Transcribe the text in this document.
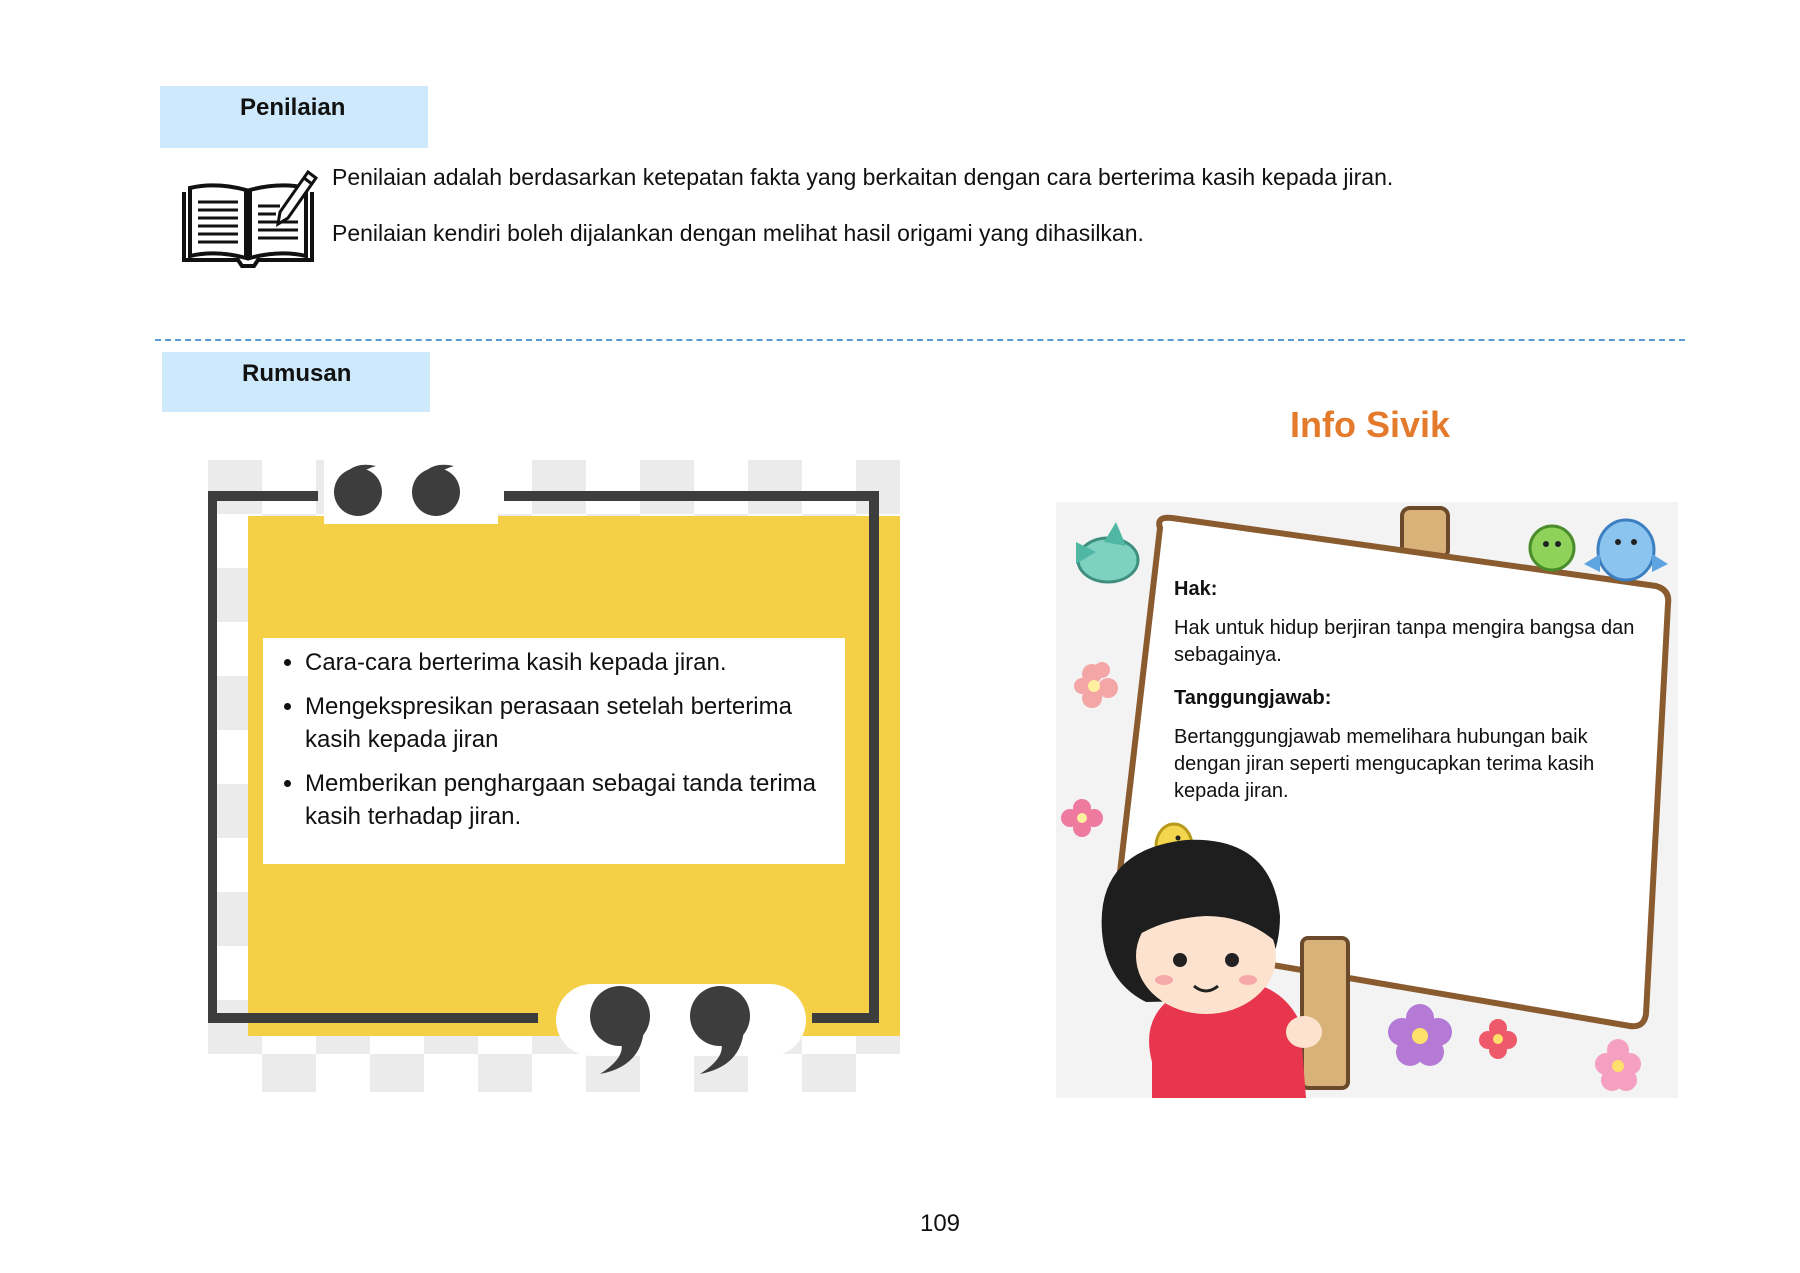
Penilaian
Penilaian adalah berdasarkan ketepatan fakta yang berkaitan dengan cara berterima kasih kepada jiran.
Penilaian kendiri boleh dijalankan dengan melihat hasil origami yang dihasilkan.
Rumusan
• Cara-cara berterima kasih kepada jiran.
• Mengekspresikan perasaan setelah berterima kasih kepada jiran
• Memberikan penghargaan sebagai tanda terima kasih terhadap jiran.
Info Sivik
Hak:
Hak untuk hidup berjiran tanpa mengira bangsa dan sebagainya.
Tanggungjawab:
Bertanggungjawab memelihara hubungan baik dengan jiran seperti mengucapkan terima kasih kepada jiran.
109
